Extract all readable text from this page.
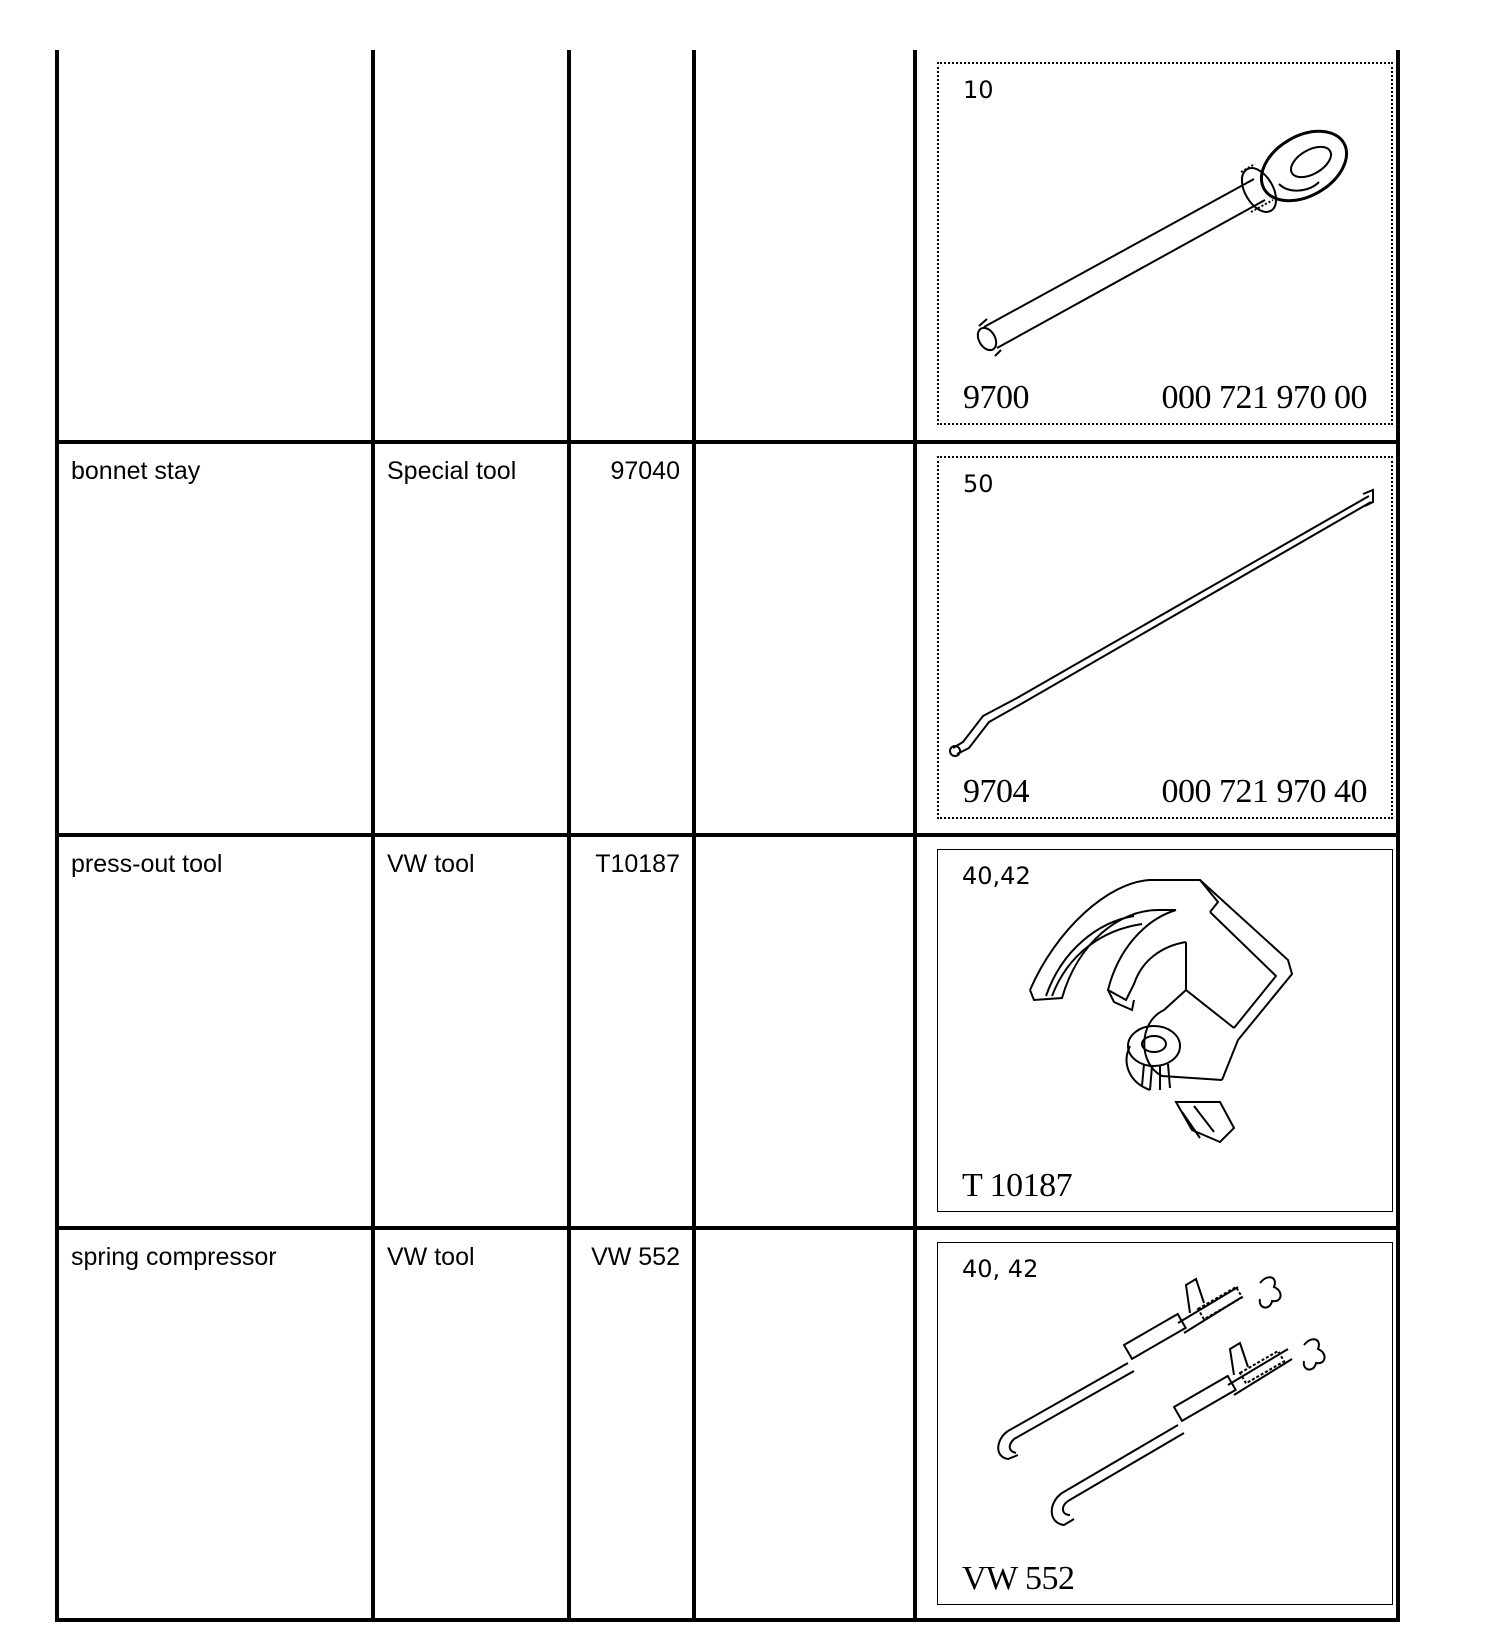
				10
9700 000 721 970 00

bonnet stay	Special tool	97040		50
9704 000 721 970 40

press-out tool	VW tool	T10187		40,42
T 10187

spring compressor	VW tool	VW 552		40, 42
VW 552
